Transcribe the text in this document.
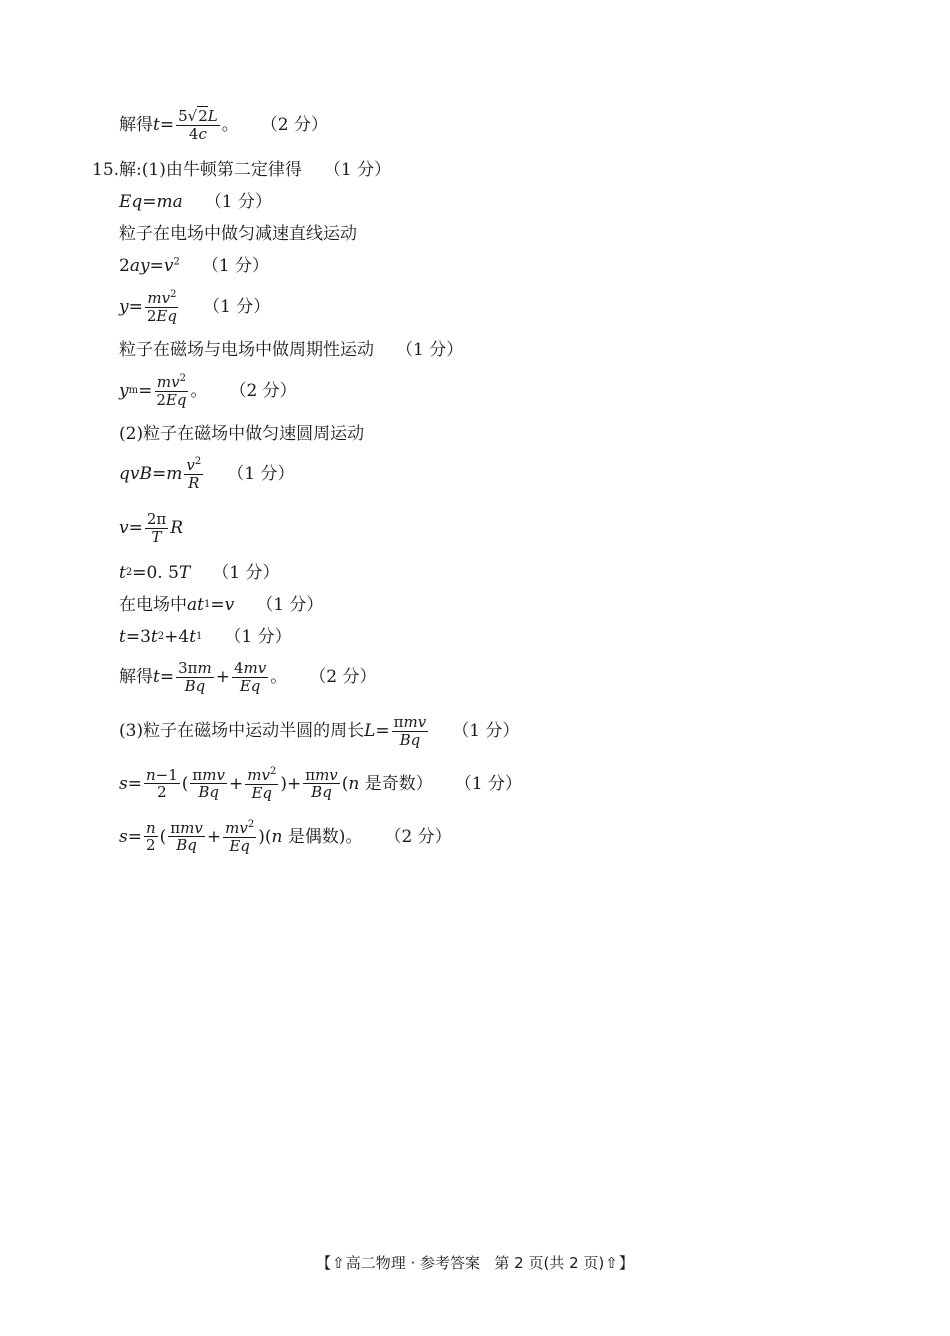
解得 $t = \frac{5√2L}{4c}$ 。 （2 分）
15. 解:(1)由牛顿第二定律得 （1 分）
Eq = ma （1 分）
粒子在电场中做匀减速直线运动
$2ay=v^2$ （1 分）
$y = \frac{mv^2}{2Eq} (1$ 分）
粒子在磁场与电场中做周期性运动 （1 分）
y $m = \frac{mv^2}{2Eq}$ 。 （2 分）
(2)粒子在磁场中做匀速圆周运动
qvB = m $\frac{v^2}{R} (1$ 分）
$v = \frac{2\pi}{T}$ R
t 2 =0. 5 T （1 分）
在电场中 at 1 = v （1 分）
t =3 t 2 +4 t 1 （1 分）
解得 $t = \frac{3\pi m}{Bq} + \frac{4mv}{Eq}$ 。 （2 分）
(3)粒子在磁场中运动半圆的周长 $L = \frac{\text{πmv}}{Bq} (1$ 分）
$s = \frac{n-1}{2}$ ( $\frac{\text{πmv}}{Bq} + \frac{mv^2}{Eq}$ )+ $\frac{\text{πmv}}{Bq}$ ( n
是奇数） （1 分）
$s = \frac{n}{2}$ ( $\frac{\text{πmv}}{Bq} + \frac{mv^2}{Eq}$ )( n
是偶数)。 （2 分）
【⇧高二物理 · 参考答案 第 2 页(共 2 页)⇧】
